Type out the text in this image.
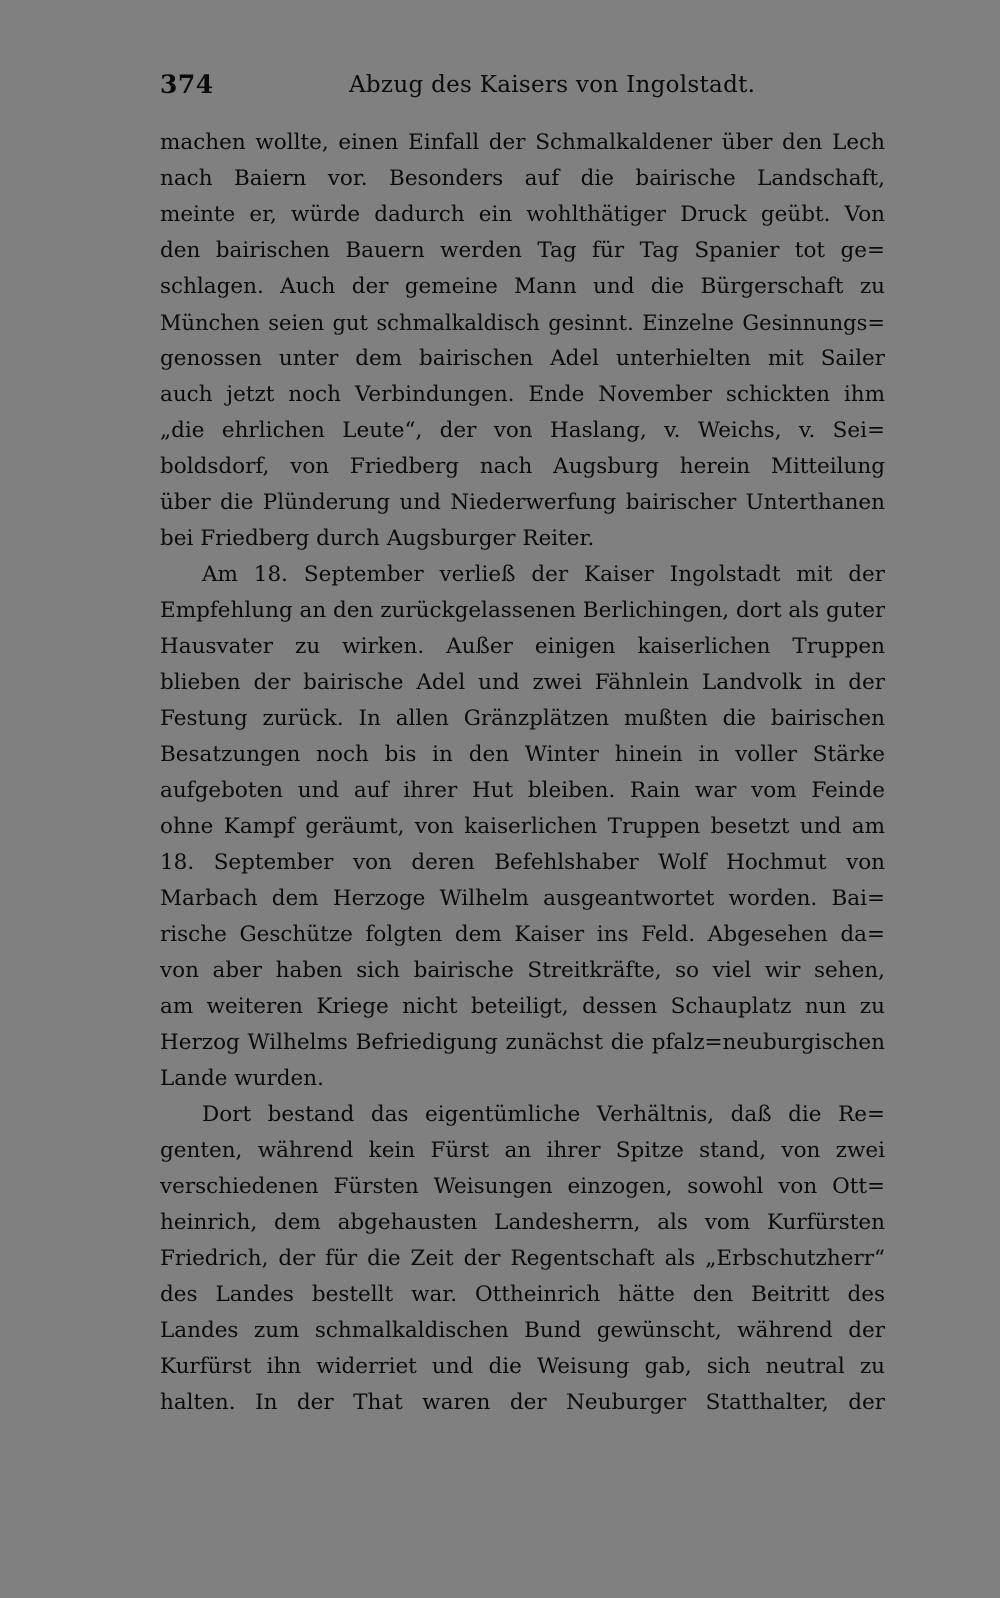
374	Abzug des Kaisers von Ingolstadt.
machen wollte, einen Einfall der Schmalkaldener über den Lech
nach Baiern vor. Besonders auf die bairische Landschaft,
meinte er, würde dadurch ein wohlthätiger Druck geübt. Von
den bairischen Bauern werden Tag für Tag Spanier tot ge=
schlagen. Auch der gemeine Mann und die Bürgerschaft zu
München seien gut schmalkaldisch gesinnt. Einzelne Gesinnungs=
genossen unter dem bairischen Adel unterhielten mit Sailer
auch jetzt noch Verbindungen. Ende November schickten ihm
„die ehrlichen Leute“, der von Haslang, v. Weichs, v. Sei=
boldsdorf, von Friedberg nach Augsburg herein Mitteilung
über die Plünderung und Niederwerfung bairischer Unterthanen
bei Friedberg durch Augsburger Reiter.
Am 18. September verließ der Kaiser Ingolstadt mit der
Empfehlung an den zurückgelassenen Berlichingen, dort als guter
Hausvater zu wirken. Außer einigen kaiserlichen Truppen
blieben der bairische Adel und zwei Fähnlein Landvolk in der
Festung zurück. In allen Gränzplätzen mußten die bairischen
Besatzungen noch bis in den Winter hinein in voller Stärke
aufgeboten und auf ihrer Hut bleiben. Rain war vom Feinde
ohne Kampf geräumt, von kaiserlichen Truppen besetzt und am
18. September von deren Befehlshaber Wolf Hochmut von
Marbach dem Herzoge Wilhelm ausgeantwortet worden. Bai=
rische Geschütze folgten dem Kaiser ins Feld. Abgesehen da=
von aber haben sich bairische Streitkräfte, so viel wir sehen,
am weiteren Kriege nicht beteiligt, dessen Schauplatz nun zu
Herzog Wilhelms Befriedigung zunächst die pfalz=neuburgischen
Lande wurden.
Dort bestand das eigentümliche Verhältnis, daß die Re=
genten, während kein Fürst an ihrer Spitze stand, von zwei
verschiedenen Fürsten Weisungen einzogen, sowohl von Ott=
heinrich, dem abgehausten Landesherrn, als vom Kurfürsten
Friedrich, der für die Zeit der Regentschaft als „Erbschutzherr“
des Landes bestellt war. Ottheinrich hätte den Beitritt des
Landes zum schmalkaldischen Bund gewünscht, während der
Kurfürst ihn widerriet und die Weisung gab, sich neutral zu
halten. In der That waren der Neuburger Statthalter, der
